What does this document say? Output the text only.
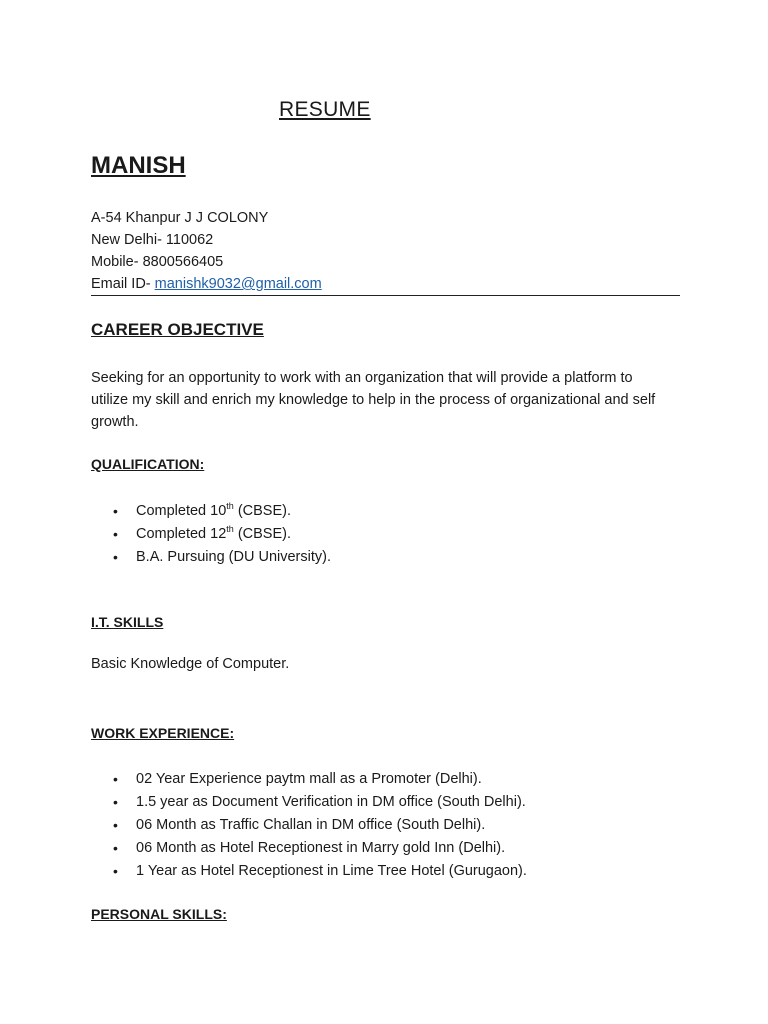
RESUME
MANISH
A-54 Khanpur J J COLONY
New Delhi- 110062
Mobile- 8800566405
Email ID- manishk9032@gmail.com
CAREER OBJECTIVE
Seeking for an opportunity to work with an organization that will provide a platform to utilize my skill and enrich my knowledge to help in the process of organizational and self growth.
QUALIFICATION:
• Completed 10th (CBSE).
• Completed 12th (CBSE).
• B.A. Pursuing (DU University).
I.T. SKILLS
Basic Knowledge of Computer.
WORK EXPERIENCE:
• 02 Year Experience paytm mall as a Promoter (Delhi).
• 1.5 year as Document Verification in DM office (South Delhi).
• 06 Month as Traffic Challan in DM office (South Delhi).
• 06 Month as Hotel Receptionest in Marry gold Inn (Delhi).
• 1 Year as Hotel Receptionest in Lime Tree Hotel (Gurugaon).
PERSONAL SKILLS:
